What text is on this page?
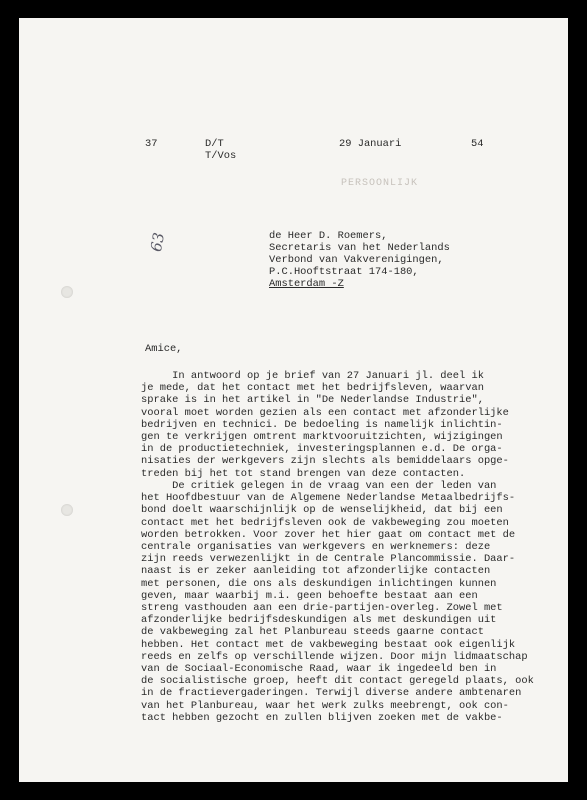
37	D/T
T/Vos
29 Januari	54
PERSOONLIJK
63	de Heer D. Roemers,
Secretaris van het Nederlands
Verbond van Vakverenigingen,
P.C.Hooftstraat 174-180,
Amsterdam -Z
Amice,
In antwoord op je brief van 27 Januari jl. deel ik
je mede, dat het contact met het bedrijfsleven, waarvan
sprake is in het artikel in "De Nederlandse Industrie",
vooral moet worden gezien als een contact met afzonderlijke
bedrijven en technici. De bedoeling is namelijk inlichtin-
gen te verkrijgen omtrent marktvooruitzichten, wijzigingen
in de productietechniek, investeringsplannen e.d. De orga-
nisaties der werkgevers zijn slechts als bemiddelaars opge-
treden bij het tot stand brengen van deze contacten.
De critiek gelegen in de vraag van een der leden van
het Hoofdbestuur van de Algemene Nederlandse Metaalbedrijfs-
bond doelt waarschijnlijk op de wenselijkheid, dat bij een
contact met het bedrijfsleven ook de vakbeweging zou moeten
worden betrokken. Voor zover het hier gaat om contact met de
centrale organisaties van werkgevers en werknemers: deze
zijn reeds verwezenlijkt in de Centrale Plancommissie. Daar-
naast is er zeker aanleiding tot afzonderlijke contacten
met personen, die ons als deskundigen inlichtingen kunnen
geven, maar waarbij m.i. geen behoefte bestaat aan een
streng vasthouden aan een drie-partijen-overleg. Zowel met
afzonderlijke bedrijfsdeskundigen als met deskundigen uit
de vakbeweging zal het Planbureau steeds gaarne contact
hebben. Het contact met de vakbeweging bestaat ook eigenlijk
reeds en zelfs op verschillende wijzen. Door mijn lidmaatschap
van de Sociaal-Economische Raad, waar ik ingedeeld ben in
de socialistische groep, heeft dit contact geregeld plaats, ook
in de fractievergaderingen. Terwijl diverse andere ambtenaren
van het Planbureau, waar het werk zulks meebrengt, ook con-
tact hebben gezocht en zullen blijven zoeken met de vakbe-
